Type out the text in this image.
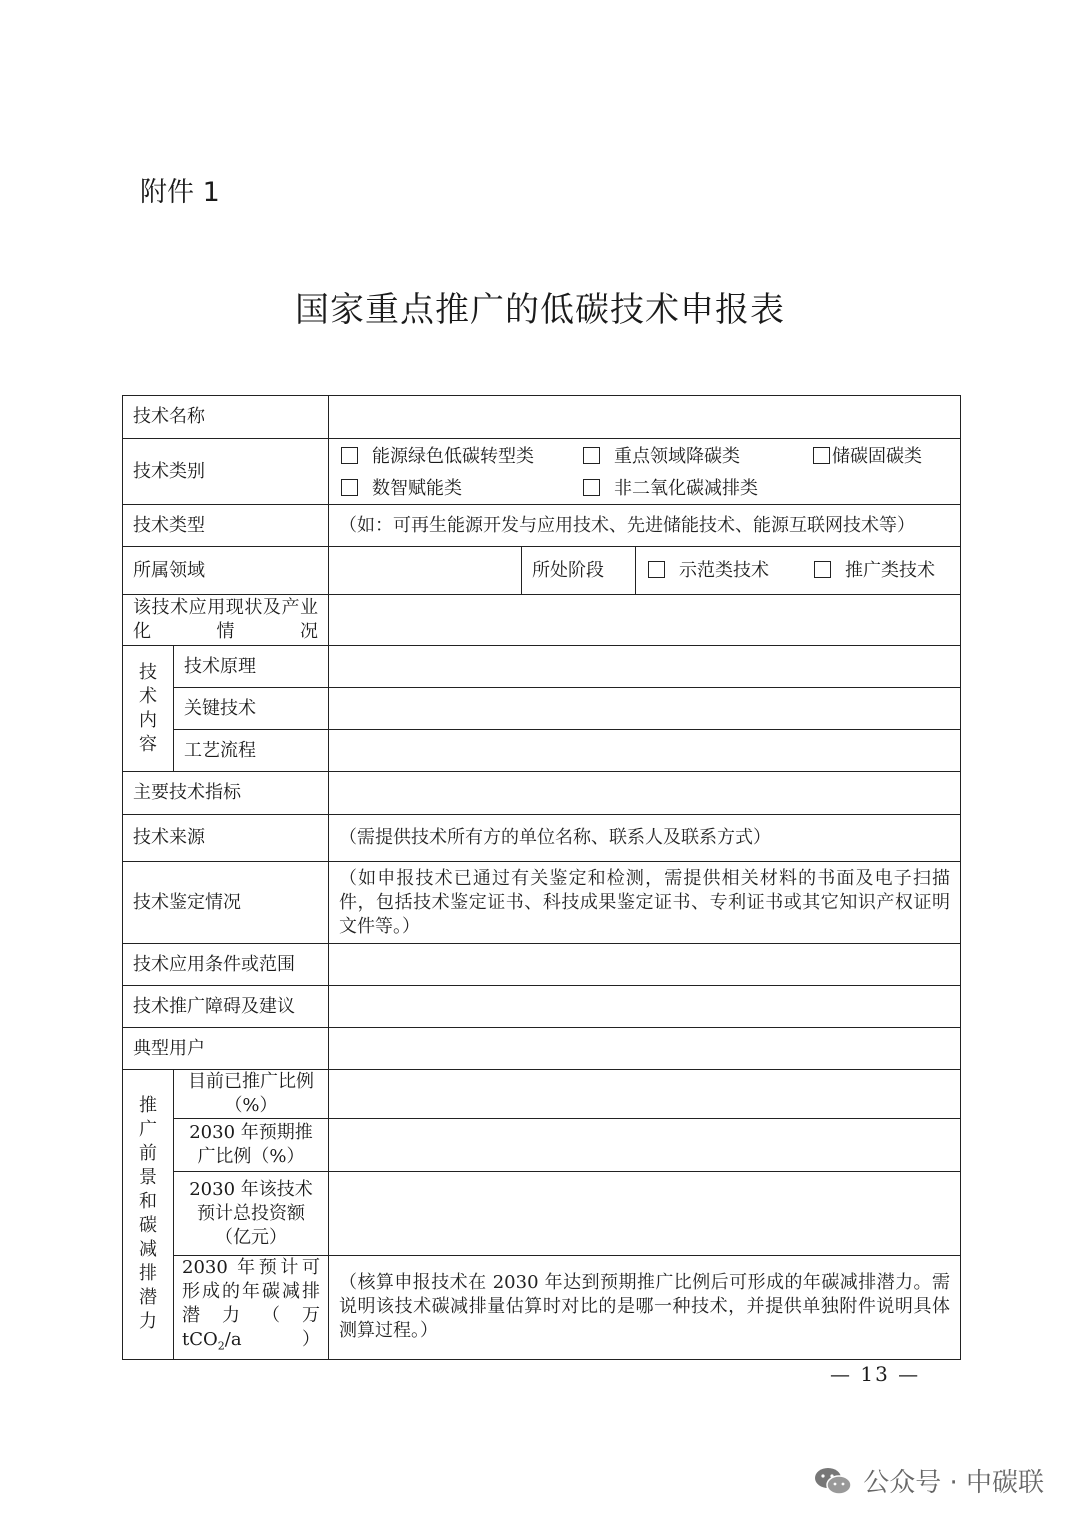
附件 1
国家重点推广的低碳技术申报表
技术名称				
技术类别		能源绿色低碳转型类 重点领域降碳类 储碳固碳类
数智赋能类 非二氧化碳减排类		

技术类型		（如：可再生能源开发与应用技术、先进储能技术、能源互联网技术等）		
所属领域			所处阶段	示范类技术 推广类技术

该技术应用现状及产业化情况				

技术内容	技术原理			
	关键技术			
	工艺流程			
主要技术指标				
技术来源		（需提供技术所有方的单位名称、联系人及联系方式）		
技术鉴定情况		（如申报技术已通过有关鉴定和检测，需提供相关材料的书面及电子扫描件，包括技术鉴定证书、科技成果鉴定证书、专利证书或其它知识产权证明文件等。）		
技术应用条件或范围				
技术推广障碍及建议				
典型用户				

推广前景和碳减排潜力	目前已推广比例（%）			
	2030 年预期推广比例（%）			
	2030 年该技术预计总投资额（亿元）			
	2030 年预计可形成的年碳减排潜力（万 tCO$_2$/a）	（核算申报技术在 2030 年达到预期推广比例后可形成的年碳减排潜力。需说明该技术碳减排量估算时对比的是哪一种技术，并提供单独附件说明具体测算过程。）		
— 13 —
公众号 · 中碳联
